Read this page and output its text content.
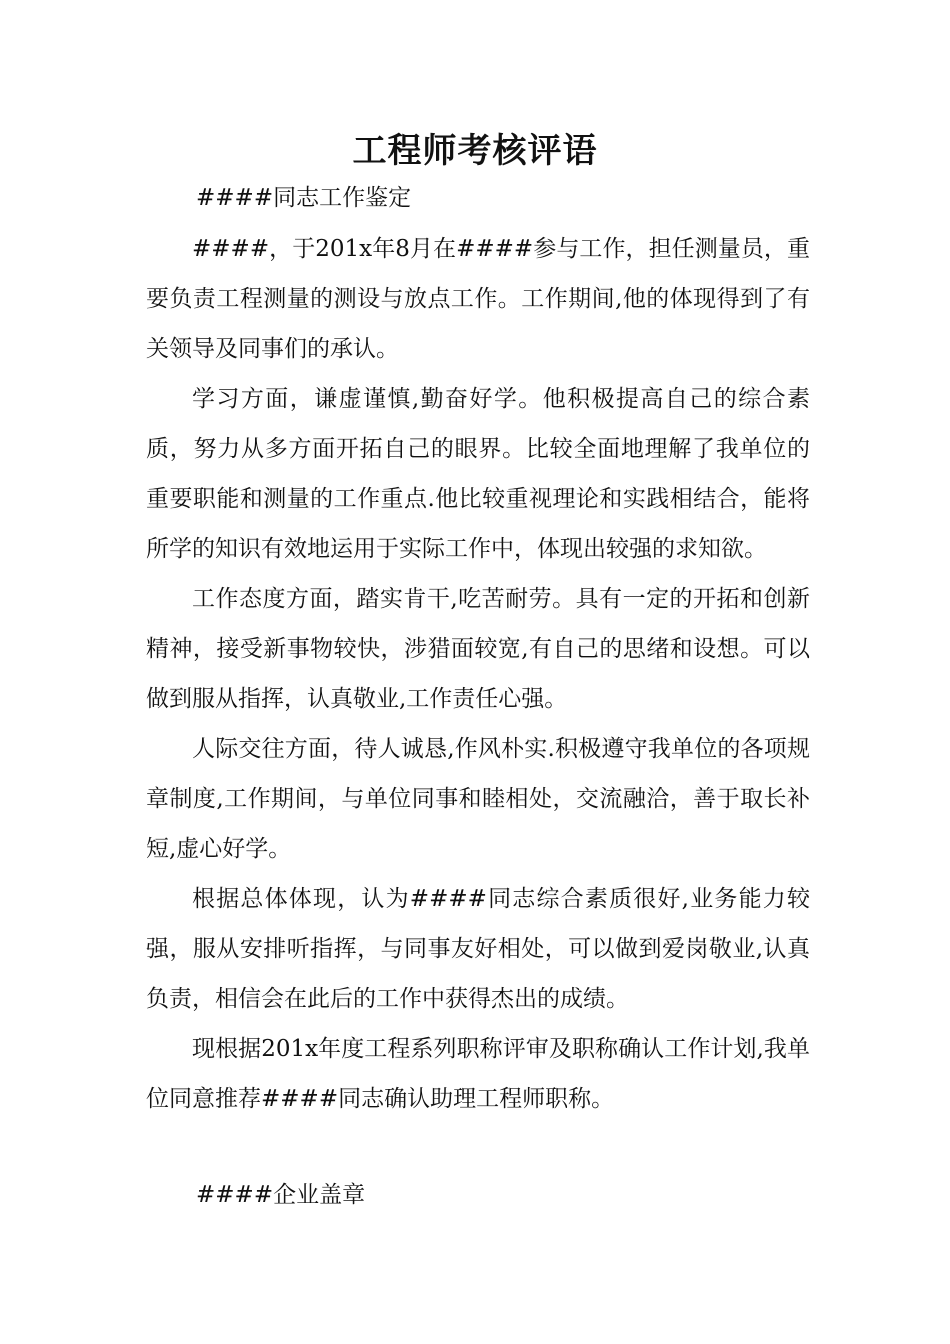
工程师考核评语
####同志工作鉴定

####，于201x年8月在####参与工作，担任测量员，重要负责工程测量的测设与放点工作。工作期间,他的体现得到了有关领导及同事们的承认。

学习方面，谦虚谨慎,勤奋好学。他积极提高自己的综合素质，努力从多方面开拓自己的眼界。比较全面地理解了我单位的重要职能和测量的工作重点.他比较重视理论和实践相结合，能将所学的知识有效地运用于实际工作中，体现出较强的求知欲。

工作态度方面，踏实肯干,吃苦耐劳。具有一定的开拓和创新精神，接受新事物较快，涉猎面较宽,有自己的思绪和设想。可以做到服从指挥，认真敬业,工作责任心强。

人际交往方面，待人诚恳,作风朴实.积极遵守我单位的各项规章制度,工作期间，与单位同事和睦相处，交流融洽，善于取长补短,虚心好学。

根据总体体现，认为####同志综合素质很好,业务能力较强，服从安排听指挥，与同事友好相处，可以做到爱岗敬业,认真负责，相信会在此后的工作中获得杰出的成绩。

现根据201x年度工程系列职称评审及职称确认工作计划,我单位同意推荐####同志确认助理工程师职称。

####企业盖章
